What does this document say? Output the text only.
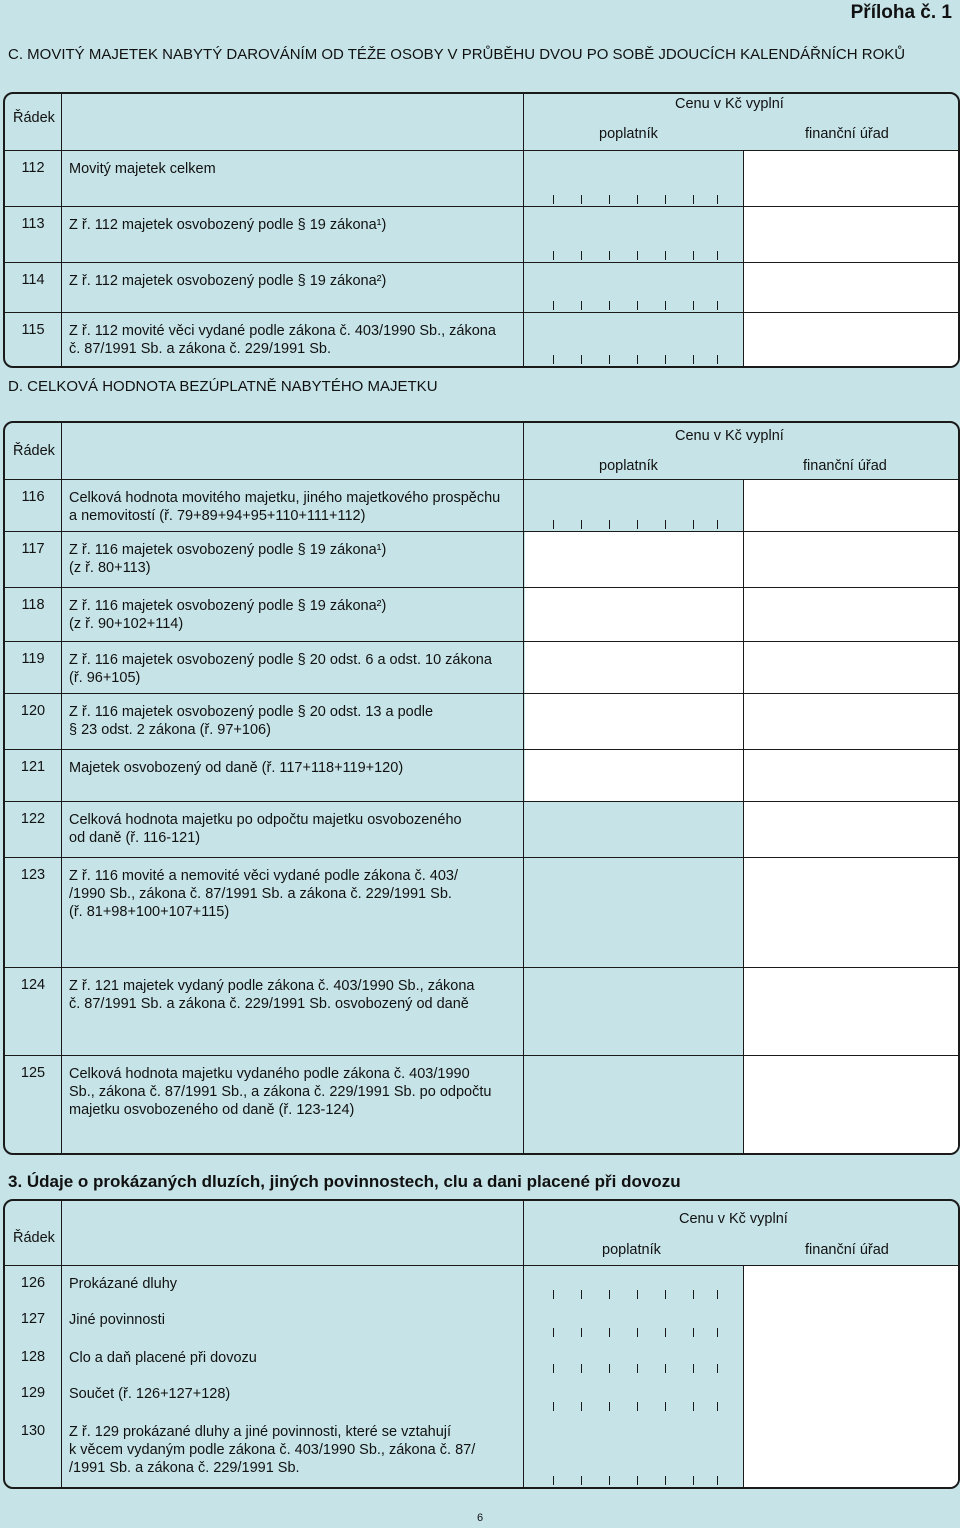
Příloha č. 1
C. MOVITÝ MAJETEK NABYTÝ DAROVÁNÍM OD TÉŽE OSOBY V PRŮBĚHU DVOU PO SOBĚ JDOUCÍCH KALENDÁŘNÍCH ROKŮ
Řádek
Cenu v Kč vyplní
poplatník	finanční úřad
112	Movitý majetek celkem
113	Z ř. 112 majetek osvobozený podle § 19 zákona¹)
114	Z ř. 112 majetek osvobozený podle § 19 zákona²)
115	Z ř. 112 movité věci vydané podle zákona č. 403/1990 Sb., zákona
č. 87/1991 Sb. a zákona č. 229/1991 Sb.
D. CELKOVÁ HODNOTA BEZÚPLATNĚ NABYTÉHO MAJETKU
Řádek
Cenu v Kč vyplní
poplatník	finanční úřad
116	Celková hodnota movitého majetku, jiného majetkového prospěchu
a nemovitostí (ř. 79+89+94+95+110+111+112)
117	Z ř. 116 majetek osvobozený podle § 19 zákona¹)
(z ř. 80+113)
118	Z ř. 116 majetek osvobozený podle § 19 zákona²)
(z ř. 90+102+114)
119	Z ř. 116 majetek osvobozený podle § 20 odst. 6 a odst. 10 zákona
(ř. 96+105)
120	Z ř. 116 majetek osvobozený podle § 20 odst. 13 a podle
§ 23 odst. 2 zákona (ř. 97+106)
121	Majetek osvobozený od daně (ř. 117+118+119+120)
122	Celková hodnota majetku po odpočtu majetku osvobozeného
od daně (ř. 116-121)
123	Z ř. 116 movité a nemovité věci vydané podle zákona č. 403/
/1990 Sb., zákona č. 87/1991 Sb. a zákona č. 229/1991 Sb.
(ř. 81+98+100+107+115)
124	Z ř. 121 majetek vydaný podle zákona č. 403/1990 Sb., zákona
č. 87/1991 Sb. a zákona č. 229/1991 Sb. osvobozený od daně
125	Celková hodnota majetku vydaného podle zákona č. 403/1990
Sb., zákona č. 87/1991 Sb., a zákona č. 229/1991 Sb. po odpočtu
majetku osvobozeného od daně (ř. 123-124)
3. Údaje o prokázaných dluzích, jiných povinnostech, clu a dani placené při dovozu
Řádek
Cenu v Kč vyplní
poplatník	finanční úřad
126	Prokázané dluhy
127	Jiné povinnosti
128	Clo a daň placené při dovozu
129	Součet (ř. 126+127+128)
130	Z ř. 129 prokázané dluhy a jiné povinnosti, které se vztahují
k věcem vydaným podle zákona č. 403/1990 Sb., zákona č. 87/
/1991 Sb. a zákona č. 229/1991 Sb.
6
